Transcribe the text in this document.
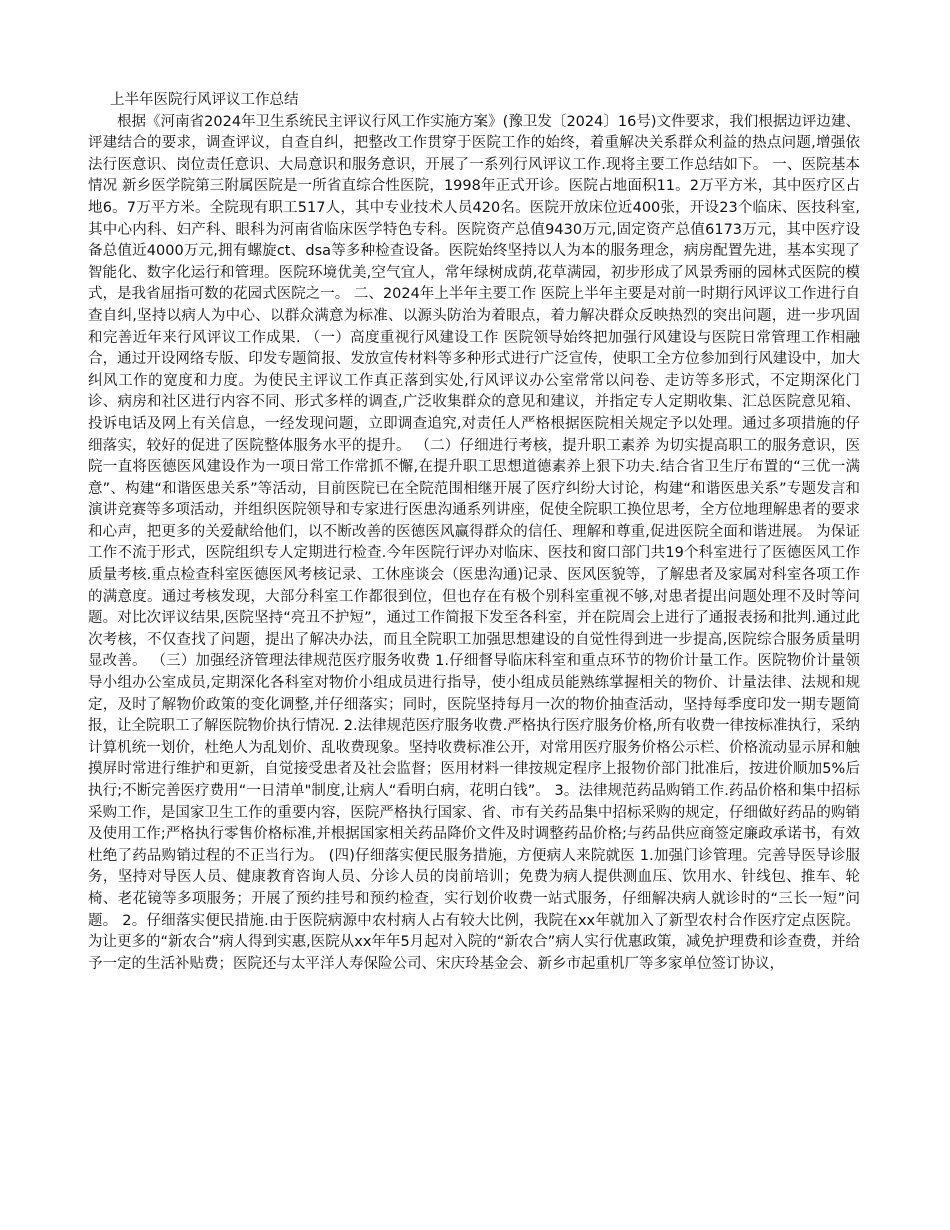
上半年医院行风评议工作总结

根据《河南省2024年卫生系统民主评议行风工作实施方案》(豫卫发〔2024〕16号)文件要求，我们根据边评边建、评建结合的要求，调查评议，自查自纠，把整改工作贯穿于医院工作的始终，着重解决关系群众利益的热点问题,增强依法行医意识、岗位责任意识、大局意识和服务意识，开展了一系列行风评议工作.现将主要工作总结如下。 一、医院基本情况 新乡医学院第三附属医院是一所省直综合性医院，1998年正式开诊。医院占地面积11。2万平方米，其中医疗区占地6。7万平方米。全院现有职工517人，其中专业技术人员420名。医院开放床位近400张，开设23个临床、医技科室,其中心内科、妇产科、眼科为河南省临床医学特色专科。医院资产总值9430万元,固定资产总值6173万元，其中医疗设备总值近4000万元,拥有螺旋ct、dsa等多种检查设备。医院始终坚持以人为本的服务理念，病房配置先进，基本实现了智能化、数字化运行和管理。医院环境优美,空气宜人，常年绿树成荫,花草满园，初步形成了风景秀丽的园林式医院的模式，是我省屈指可数的花园式医院之一。 二、2024年上半年主要工作 医院上半年主要是对前一时期行风评议工作进行自查自纠,坚持以病人为中心、以群众满意为标准、以源头防治为着眼点，着力解决群众反映热烈的突出问题，进一步巩固和完善近年来行风评议工作成果. （一）高度重视行风建设工作 医院领导始终把加强行风建设与医院日常管理工作相融合，通过开设网络专版、印发专题简报、发放宣传材料等多种形式进行广泛宣传，使职工全方位参加到行风建设中，加大纠风工作的宽度和力度。为使民主评议工作真正落到实处,行风评议办公室常常以问卷、走访等多形式，不定期深化门诊、病房和社区进行内容不同、形式多样的调查,广泛收集群众的意见和建议，并指定专人定期收集、汇总医院意见箱、投诉电话及网上有关信息，一经发现问题，立即调查追究,对责任人严格根据医院相关规定予以处理。通过多项措施的仔细落实，较好的促进了医院整体服务水平的提升。 （二）仔细进行考核，提升职工素养 为切实提高职工的服务意识，医院一直将医德医风建设作为一项日常工作常抓不懈,在提升职工思想道德素养上狠下功夫.结合省卫生厅布置的“三优一满意”、构建“和谐医患关系”等活动，目前医院已在全院范围相继开展了医疗纠纷大讨论，构建“和谐医患关系”专题发言和演讲竞赛等多项活动，并组织医院领导和专家进行医患沟通系列讲座，促使全院职工换位思考，全方位地理解患者的要求和心声，把更多的关爱献给他们，以不断改善的医德医风赢得群众的信任、理解和尊重,促进医院全面和谐进展。 为保证工作不流于形式，医院组织专人定期进行检查.今年医院行评办对临床、医技和窗口部门共19个科室进行了医德医风工作质量考核.重点检查科室医德医风考核记录、工休座谈会（医患沟通)记录、医风医貌等，了解患者及家属对科室各项工作的满意度。通过考核发现，大部分科室工作都很到位，但也存在有极个别科室重视不够,对患者提出问题处理不及时等问题。对比次评议结果,医院坚持“亮丑不护短”，通过工作简报下发至各科室，并在院周会上进行了通报表扬和批判.通过此次考核，不仅查找了问题，提出了解决办法，而且全院职工加强思想建设的自觉性得到进一步提高,医院综合服务质量明显改善。 （三）加强经济管理法律规范医疗服务收费 1.仔细督导临床科室和重点环节的物价计量工作。医院物价计量领导小组办公室成员,定期深化各科室对物价小组成员进行指导，使小组成员能熟练掌握相关的物价、计量法律、法规和规定，及时了解物价政策的变化调整,并仔细落实；同时，医院坚持每月一次的物价抽查活动，坚持每季度印发一期专题简报，让全院职工了解医院物价执行情况. 2.法律规范医疗服务收费.严格执行医疗服务价格,所有收费一律按标准执行，采纳计算机统一划价，杜绝人为乱划价、乱收费现象。坚持收费标准公开，对常用医疗服务价格公示栏、价格流动显示屏和触摸屏时常进行维护和更新，自觉接受患者及社会监督；医用材料一律按规定程序上报物价部门批准后，按进价顺加5%后执行;不断完善医疗费用“一日清单"制度,让病人“看明白病，花明白钱”。 3。法律规范药品购销工作.药品价格和集中招标采购工作，是国家卫生工作的重要内容，医院严格执行国家、省、市有关药品集中招标采购的规定，仔细做好药品的购销及使用工作;严格执行零售价格标准,并根据国家相关药品降价文件及时调整药品价格;与药品供应商签定廉政承诺书，有效杜绝了药品购销过程的不正当行为。 (四)仔细落实便民服务措施，方便病人来院就医 1.加强门诊管理。完善导医导诊服务，坚持对导医人员、健康教育咨询人员、分诊人员的岗前培训；免费为病人提供测血压、饮用水、针线包、推车、轮椅、老花镜等多项服务；开展了预约挂号和预约检查，实行划价收费一站式服务，仔细解决病人就诊时的“三长一短”问题。 2。仔细落实便民措施.由于医院病源中农村病人占有较大比例，我院在xx年就加入了新型农村合作医疗定点医院。为让更多的“新农合”病人得到实惠,医院从xx年年5月起对入院的“新农合”病人实行优惠政策，减免护理费和诊查费，并给予一定的生活补贴费；医院还与太平洋人寿保险公司、宋庆玲基金会、新乡市起重机厂等多家单位签订协议，
